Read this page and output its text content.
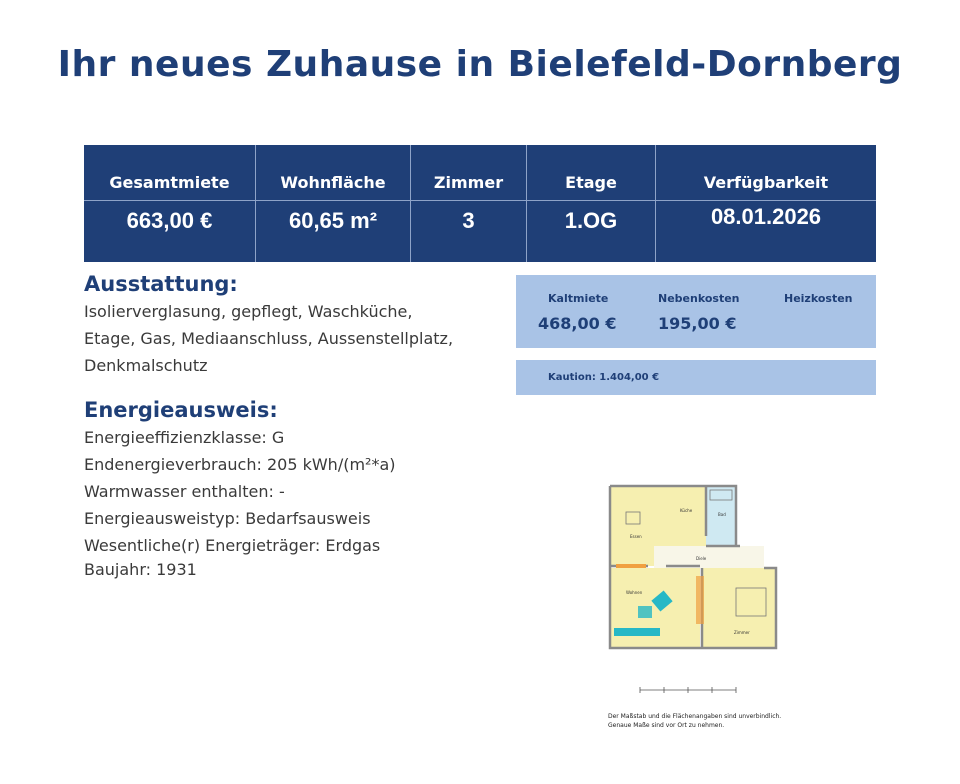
Ihr neues Zuhause in Bielefeld-Dornberg
Gesamtmiete
663,00 €
Wohnfläche
60,65 m²
Zimmer
3
Etage
1.OG
Verfügbarkeit
08.01.2026
Ausstattung:
Isolierverglasung, gepflegt, Waschküche,
Etage, Gas, Mediaanschluss, Aussenstellplatz,
Denkmalschutz
Energieausweis:
Energieeffizienzklasse: G
Endenergieverbrauch: 205 kWh/(m²*a)
Warmwasser enthalten: -
Energieausweistyp: Bedarfsausweis
Wesentliche(r) Energieträger: Erdgas
Baujahr: 1931
Kaltmiete
468,00 €
Nebenkosten
195,00 €
Heizkosten
Kaution: 1.404,00 €
Küche
Bad
Essen
Diele
Wohnen
Zimmer
Der Maßstab und die Flächenangaben sind unverbindlich.
Genaue Maße sind vor Ort zu nehmen.
